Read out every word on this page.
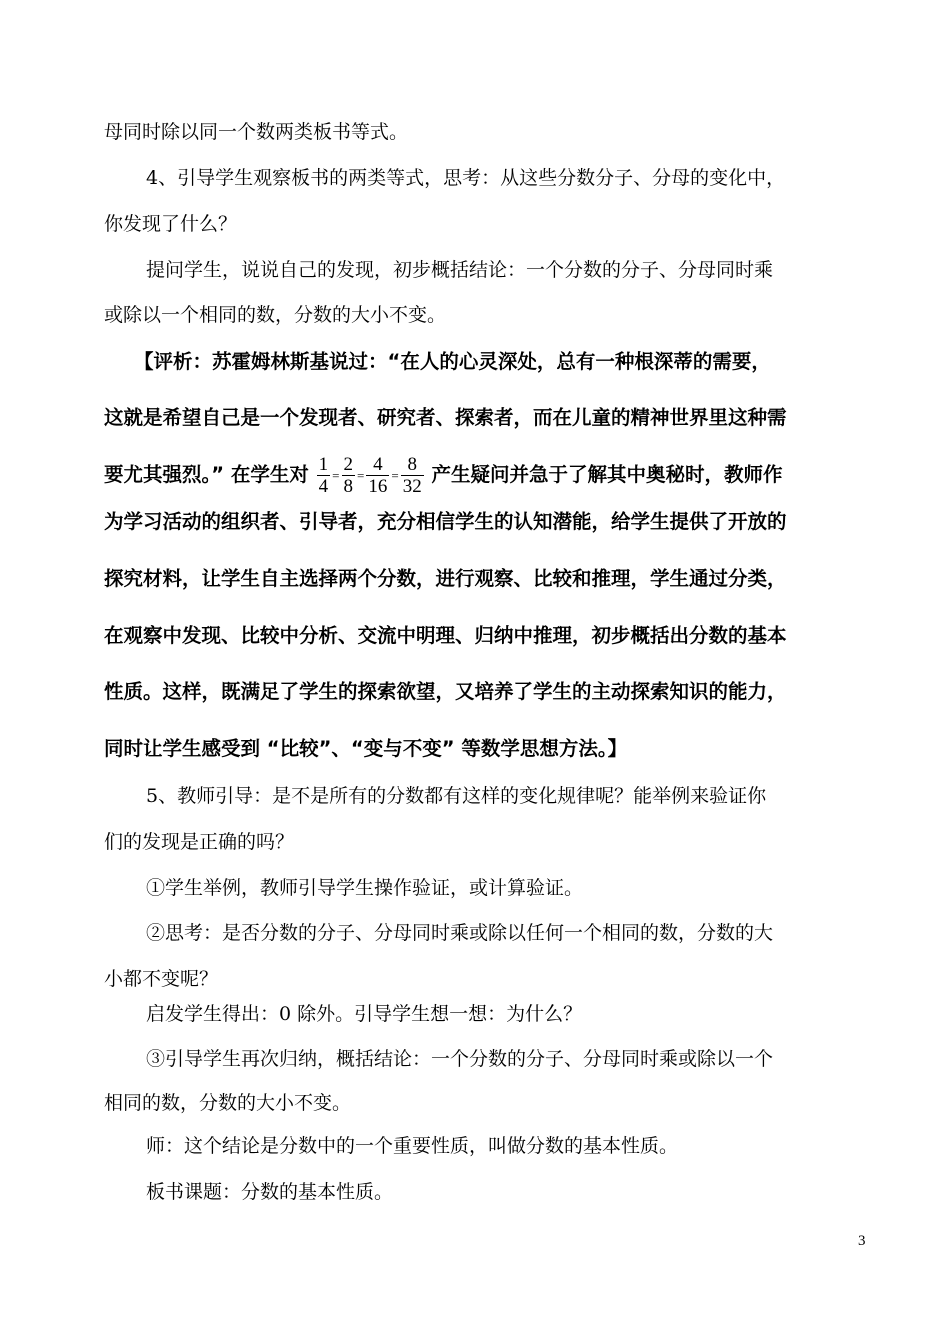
母同时除以同一个数两类板书等式。
4、引导学生观察板书的两类等式，思考：从这些分数分子、分母的变化中，
你发现了什么？
提问学生，说说自己的发现，初步概括结论：一个分数的分子、分母同时乘
或除以一个相同的数，分数的大小不变。
【评析：苏霍姆林斯基说过：“在人的心灵深处，总有一种根深蒂的需要，
这就是希望自己是一个发现者、研究者、探索者，而在儿童的精神世界里这种需
要尤其强烈。” 在学生对 $\frac{1}{4} = \frac{2}{8} = \frac{4}{16} = \frac{8}{32}$ 产生疑问并急于了解其中奥秘时，教师作
为学习活动的组织者、引导者，充分相信学生的认知潜能，给学生提供了开放的
探究材料，让学生自主选择两个分数，进行观察、比较和推理，学生通过分类，
在观察中发现、比较中分析、交流中明理、归纳中推理，初步概括出分数的基本
性质。这样，既满足了学生的探索欲望，又培养了学生的主动探索知识的能力，
同时让学生感受到 “比较”、“变与不变” 等数学思想方法。】
5、教师引导：是不是所有的分数都有这样的变化规律呢？能举例来验证你
们的发现是正确的吗？
①学生举例，教师引导学生操作验证，或计算验证。
②思考：是否分数的分子、分母同时乘或除以任何一个相同的数，分数的大
小都不变呢？
启发学生得出：0 除外。引导学生想一想：为什么？
③引导学生再次归纳，概括结论：一个分数的分子、分母同时乘或除以一个
相同的数，分数的大小不变。
师：这个结论是分数中的一个重要性质，叫做分数的基本性质。
板书课题：分数的基本性质。
3
